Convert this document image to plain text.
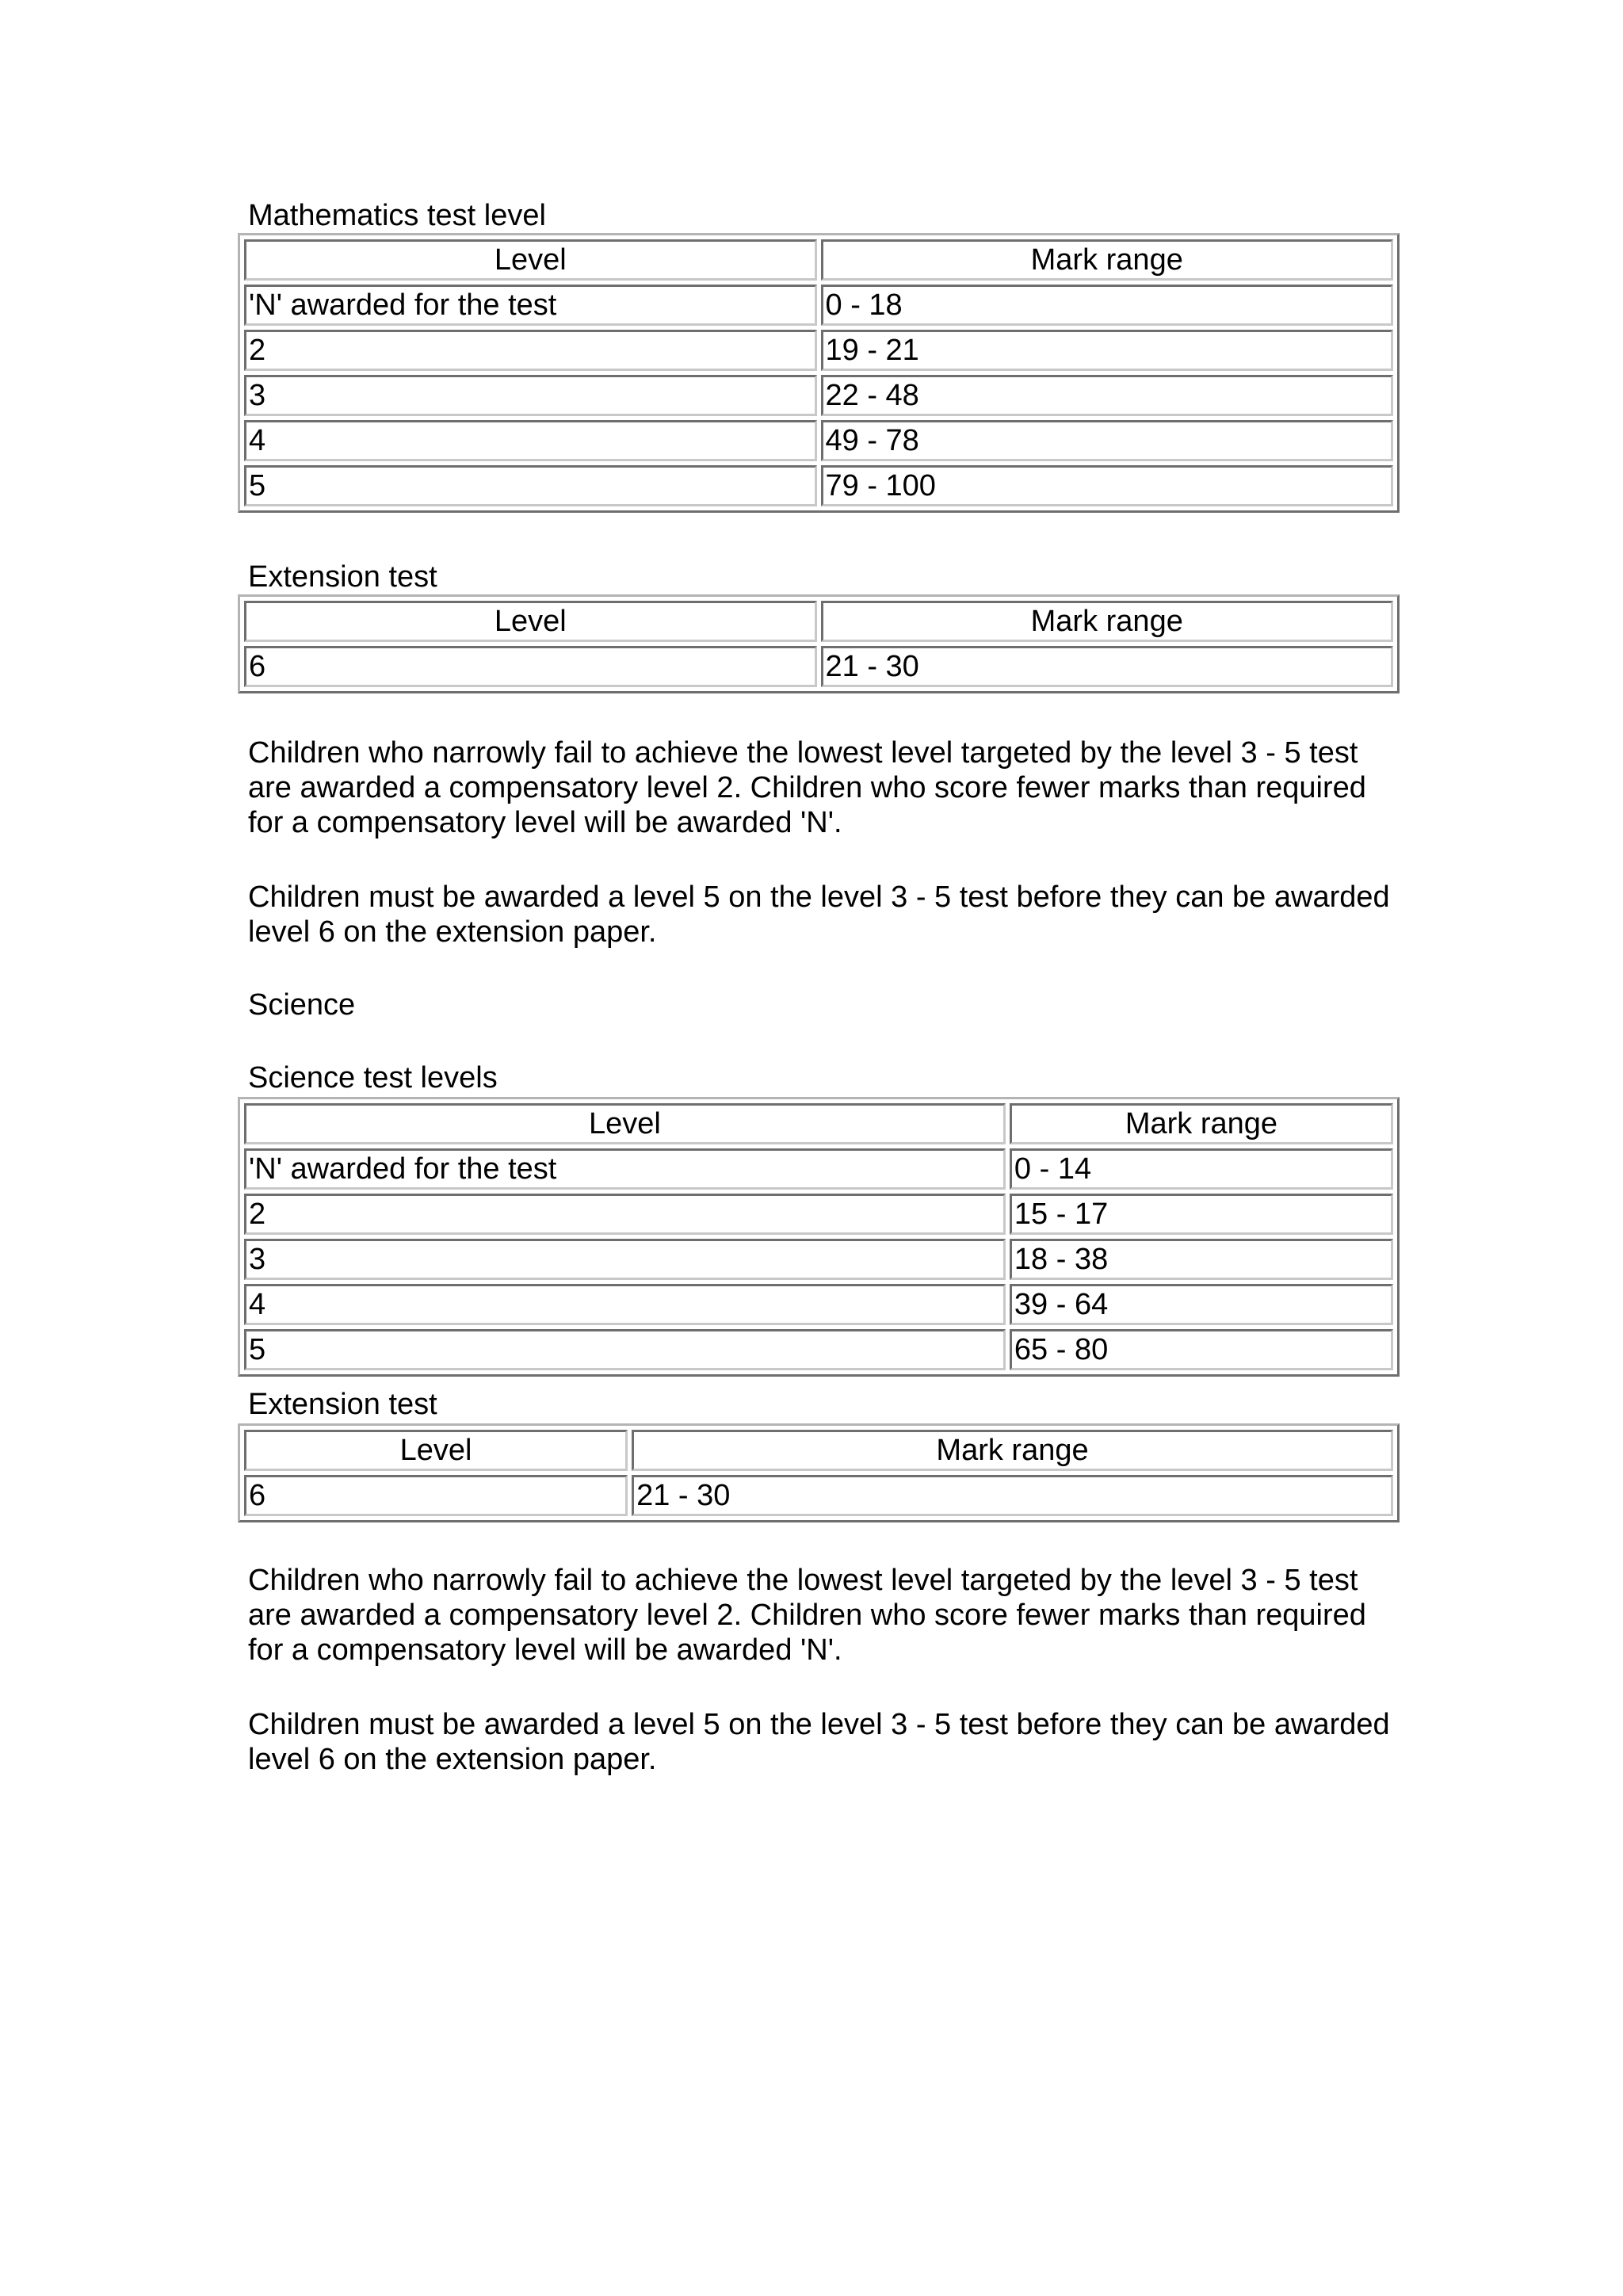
Mathematics test level
Level	Mark range
'N' awarded for the test	0 - 18
2	19 - 21
3	22 - 48
4	49 - 78
5	79 - 100
Extension test
Level	Mark range
6	21 - 30

Children who narrowly fail to achieve the lowest level targeted by the level 3 - 5 test are awarded a compensatory level 2. Children who score fewer marks than required for a compensatory level will be awarded 'N'.

Children must be awarded a level 5 on the level 3 - 5 test before they can be awarded level 6 on the extension paper.

Science
Science test levels
Level	Mark range
'N' awarded for the test	0 - 14
2	15 - 17
3	18 - 38
4	39 - 64
5	65 - 80
Extension test
Level	Mark range
6	21 - 30

Children who narrowly fail to achieve the lowest level targeted by the level 3 - 5 test are awarded a compensatory level 2. Children who score fewer marks than required for a compensatory level will be awarded 'N'.

Children must be awarded a level 5 on the level 3 - 5 test before they can be awarded level 6 on the extension paper.
